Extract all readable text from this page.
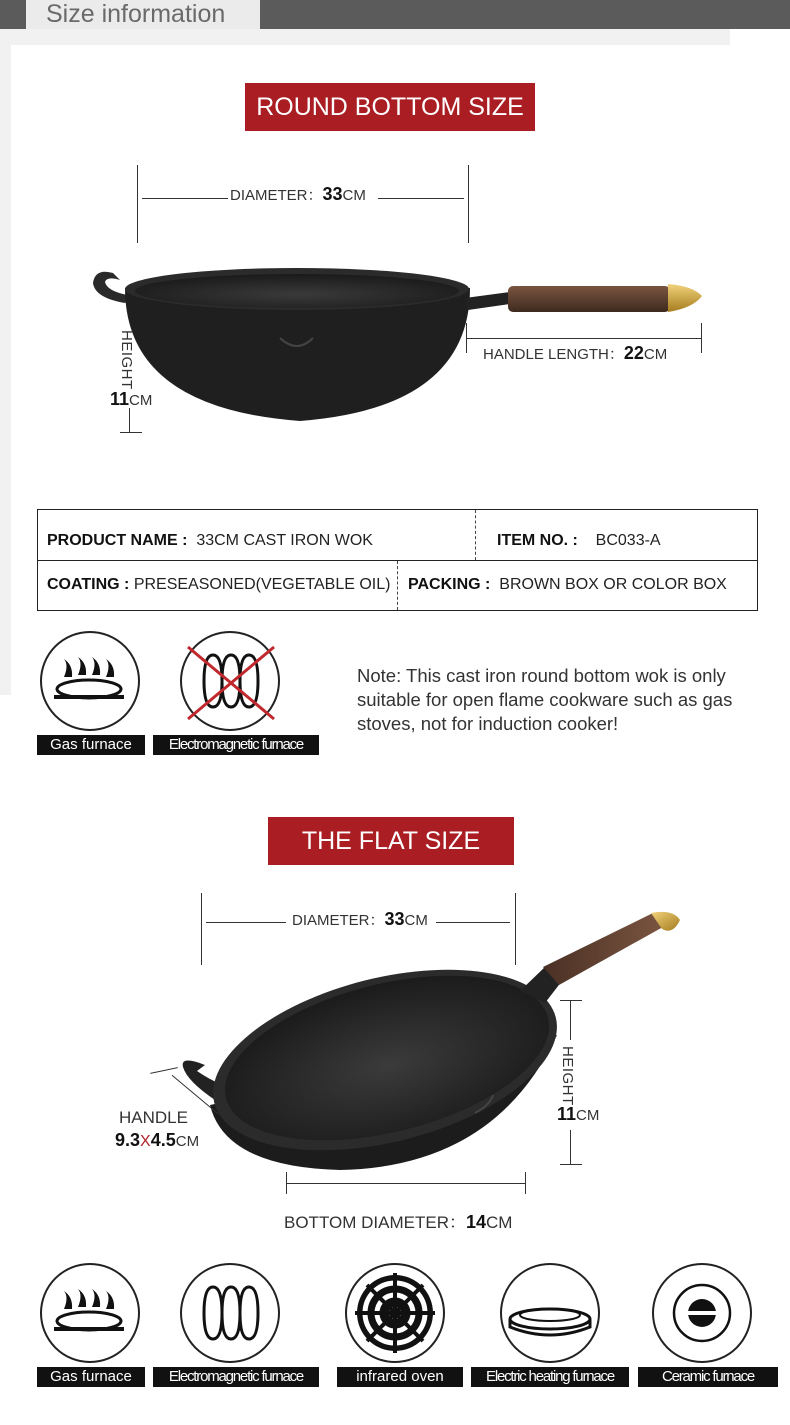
Size information
ROUND BOTTOM SIZE
DIAMETER：33CM
HEIGHT
11CM
HANDLE LENGTH：22CM
PRODUCT NAME : 33CM CAST IRON WOK	ITEM NO. : BC033-A
COATING : PRESEASONED(VEGETABLE OIL) PACKING : BROWN BOX OR COLOR BOX
Gas furnace	Electromagnetic furnace
Note: This cast iron round bottom wok is only suitable for open flame cookware such as gas stoves, not for induction cooker!
THE FLAT SIZE
DIAMETER：33CM
HANDLE
9.3X4.5CM
HEIGHT
11CM
BOTTOM DIAMETER：14CM
Gas furnace	Electromagnetic furnace	infrared oven	Electric heating furnace	Ceramic furnace
